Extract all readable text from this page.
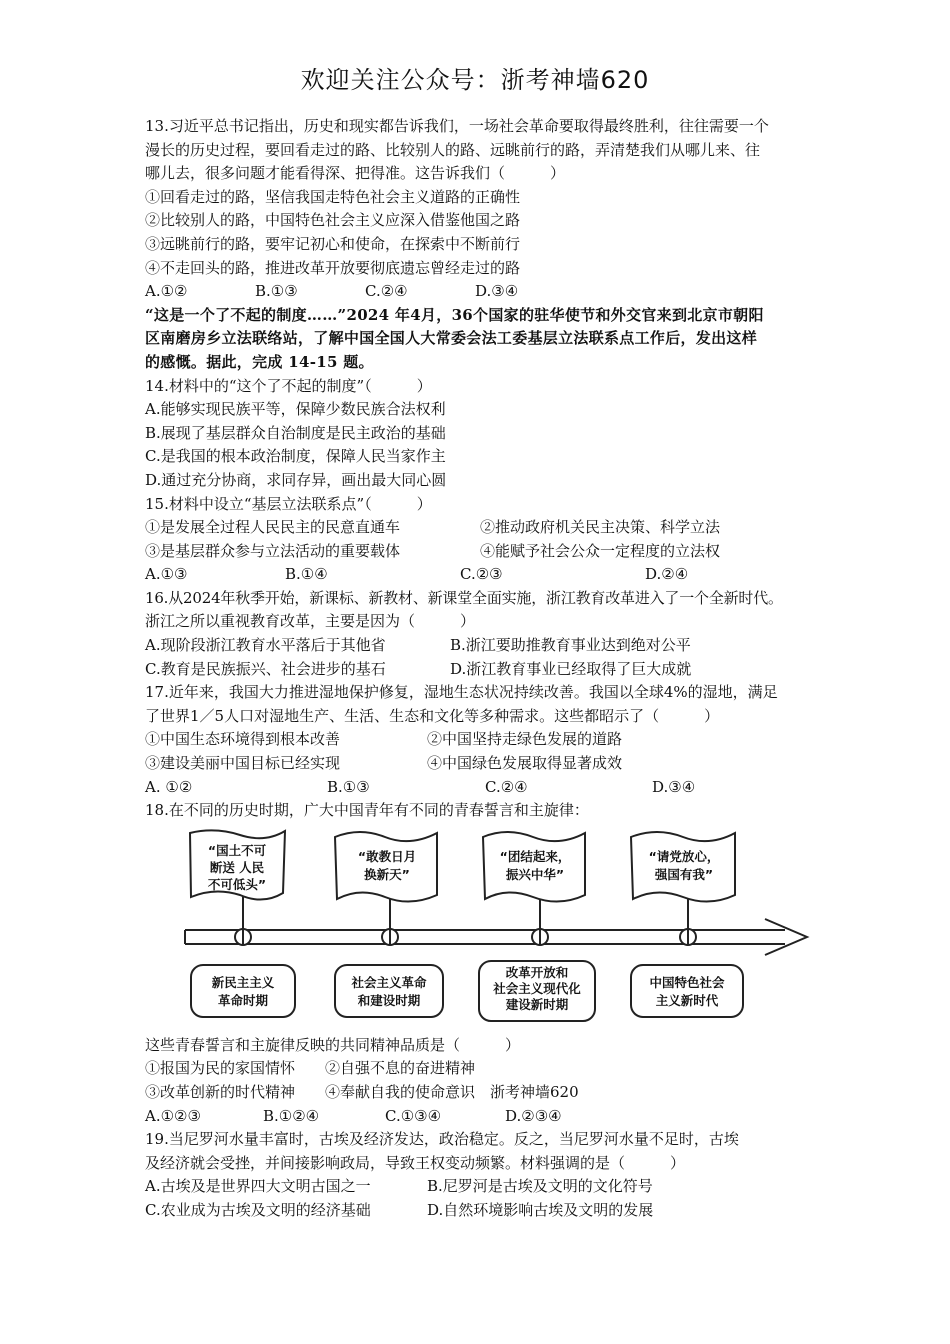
欢迎关注公众号：浙考神墙620
13.习近平总书记指出，历史和现实都告诉我们，一场社会革命要取得最终胜利，往往需要一个
漫长的历史过程，要回看走过的路、比较别人的路、远眺前行的路，弄清楚我们从哪儿来、往
哪儿去，很多问题才能看得深、把得准。这告诉我们（　　　）
①回看走过的路，坚信我国走特色社会主义道路的正确性
②比较别人的路，中国特色社会主义应深入借鉴他国之路
③远眺前行的路，要牢记初心和使命，在探索中不断前行
④不走回头的路，推进改革开放要彻底遗忘曾经走过的路
A.①②	B.①③	C.②④	D.③④
“这是一个了不起的制度……”2024 年4月，36个国家的驻华使节和外交官来到北京市朝阳
区南磨房乡立法联络站，了解中国全国人大常委会法工委基层立法联系点工作后，发出这样
的感慨。据此，完成 14-15 题。
14.材料中的“这个了不起的制度”（　　　）
A.能够实现民族平等，保障少数民族合法权利
B.展现了基层群众自治制度是民主政治的基础
C.是我国的根本政治制度，保障人民当家作主
D.通过充分协商，求同存异，画出最大同心圆
15.材料中设立“基层立法联系点”（　　　）
①是发展全过程人民民主的民意直通车	②推动政府机关民主决策、科学立法
③是基层群众参与立法活动的重要载体	④能赋予社会公众一定程度的立法权
A.①③	B.①④	C.②③	D.②④
16.从2024年秋季开始，新课标、新教材、新课堂全面实施，浙江教育改革进入了一个全新时代。
浙江之所以重视教育改革，主要是因为（　　　）
A.现阶段浙江教育水平落后于其他省	B.浙江要助推教育事业达到绝对公平
C.教育是民族振兴、社会进步的基石	D.浙江教育事业已经取得了巨大成就
17.近年来，我国大力推进湿地保护修复，湿地生态状况持续改善。我国以全球4%的湿地，满足
了世界1／5人口对湿地生产、生活、生态和文化等多种需求。这些都昭示了（　　　）
①中国生态环境得到根本改善	②中国坚持走绿色发展的道路
③建设美丽中国目标已经实现	④中国绿色发展取得显著成效
A. ①②	B.①③	C.②④	D.③④
18.在不同的历史时期，广大中国青年有不同的青春誓言和主旋律：
“国土不可
断送 人民
不可低头”
“敢教日月
换新天”
“团结起来，
振兴中华”
“请党放心，
强国有我”
新民主主义
革命时期
社会主义革命
和建设时期
改革开放和
社会主义现代化
建设新时期
中国特色社会
主义新时代
这些青春誓言和主旋律反映的共同精神品质是（　　　）
①报国为民的家国情怀　　②自强不息的奋进精神
③改革创新的时代精神　　④奉献自我的使命意识　浙考神墙620
A.①②③	B.①②④	C.①③④	D.②③④
19.当尼罗河水量丰富时，古埃及经济发达，政治稳定。反之，当尼罗河水量不足时，古埃
及经济就会受挫，并间接影响政局，导致王权变动频繁。材料强调的是（　　　）
A.古埃及是世界四大文明古国之一	B.尼罗河是古埃及文明的文化符号
C.农业成为古埃及文明的经济基础	D.自然环境影响古埃及文明的发展
